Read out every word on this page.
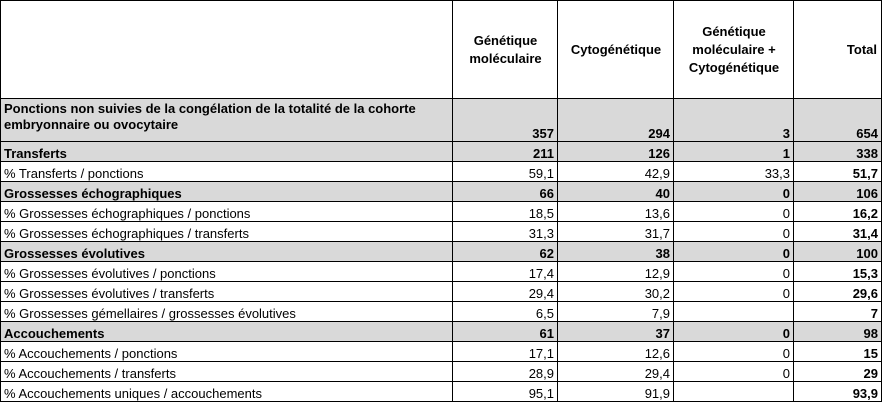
	Génétique moléculaire	Cytogénétique	Génétique moléculaire + Cytogénétique	Total
Ponctions non suivies de la congélation de la totalité de la cohorte embryonnaire ou ovocytaire	357	294	3	654
Transferts	211	126	1	338
% Transferts / ponctions	59,1	42,9	33,3	51,7
Grossesses échographiques	66	40	0	106
% Grossesses échographiques / ponctions	18,5	13,6	0	16,2
% Grossesses échographiques / transferts	31,3	31,7	0	31,4
Grossesses évolutives	62	38	0	100
% Grossesses évolutives / ponctions	17,4	12,9	0	15,3
% Grossesses évolutives / transferts	29,4	30,2	0	29,6
% Grossesses gémellaires / grossesses évolutives	6,5	7,9		7
Accouchements	61	37	0	98
% Accouchements / ponctions	17,1	12,6	0	15
% Accouchements / transferts	28,9	29,4	0	29
% Accouchements uniques / accouchements	95,1	91,9		93,9
